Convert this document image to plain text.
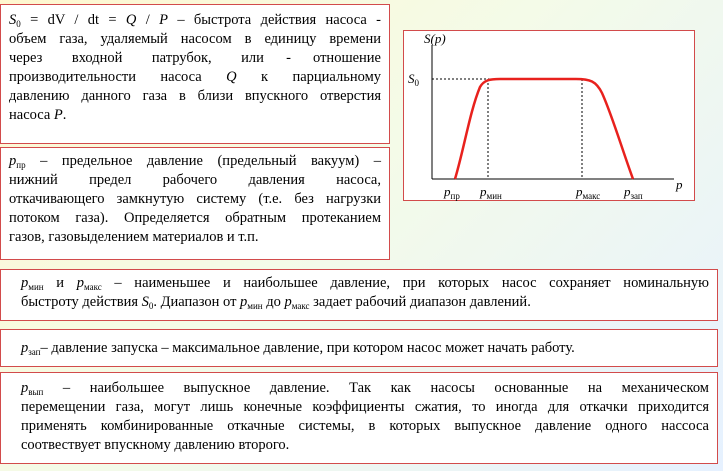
$S_0$ = dV / dt = Q / P – быстрота действия насоса -
объем газа, удаляемый насосом в единицу времени
через    входной    патрубок,    или   -   отношение
производительности насоса Q к парциальному
давлению данного газа в близи впускного отверстия
насоса P.
$p_{пр}$ – предельное давление (предельный вакуум) –
нижний предел рабочего давления насоса,
откачивающего замкнутую систему (т.е. без нагрузки
потоком газа). Определяется обратным протеканием
газов, газовыделением материалов и т.п.
$p_{мин}$ и $p_{макс}$ – наименьшее и наибольшее давление, при которых насос сохраняет номинальную
быстроту действия $S_0$. Диапазон от $p_{мин}$ до $p_{макс}$ задает рабочий диапазон давлений.
$p_{зап}-$ давление запуска – максимальное давление, при котором насос может начать работу.
$p_{вып}$ – наибольшее выпускное давление. Так как насосы основанные на механическом
перемещении газа, могут лишь конечные коэффициенты сжатия, то иногда для откачки приходится
применять комбинированные откачные системы, в которых выпускное давление одного нассоса
соотвествует впускному давлению второго.
S(p)
p
$S_0$
$p_{пр}$ $p_{мин}$	$p_{макс}$ $p_{зап}$
